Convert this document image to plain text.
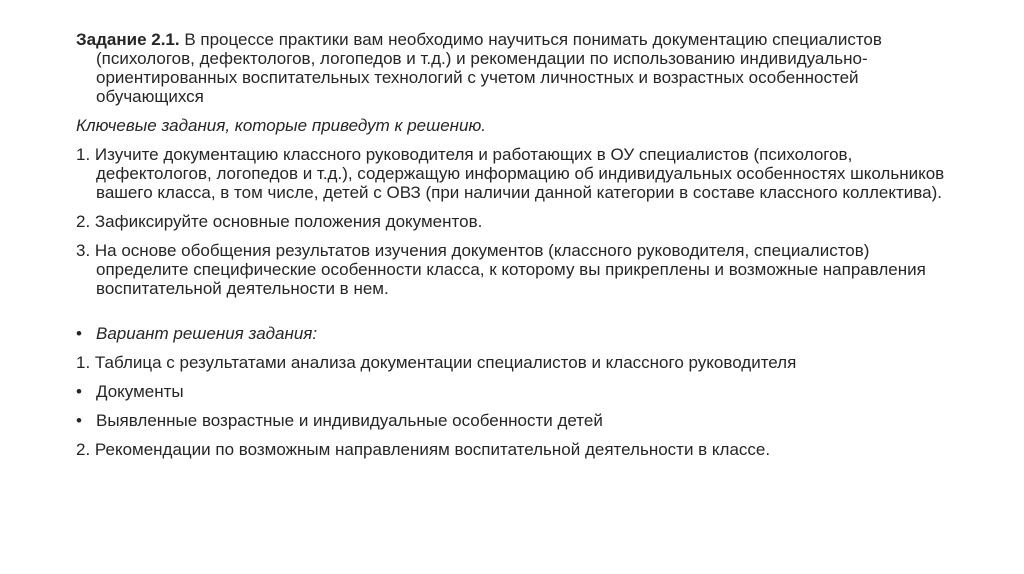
Задание 2.1. В процессе практики вам необходимо научиться понимать документацию специалистов (психологов, дефектологов, логопедов и т.д.) и рекомендации по использованию индивидуально-ориентированных воспитательных технологий с учетом личностных и возрастных особенностей обучающихся

Ключевые задания, которые приведут к решению.

1. Изучите документацию классного руководителя и работающих в ОУ специалистов (психологов, дефектологов, логопедов и т.д.), содержащую информацию об индивидуальных особенностях школьников вашего класса, в том числе, детей с ОВЗ (при наличии данной категории в составе классного коллектива).

2. Зафиксируйте основные положения документов.

3. На основе обобщения результатов изучения документов (классного руководителя, специалистов) определите специфические особенности класса, к которому вы прикреплены и возможные направления воспитательной деятельности в нем.

• Вариант решения задания:

1. Таблица с результатами анализа документации специалистов и классного руководителя

• Документы
• Выявленные возрастные и индивидуальные особенности детей

2. Рекомендации по возможным направлениям воспитательной деятельности в классе.
